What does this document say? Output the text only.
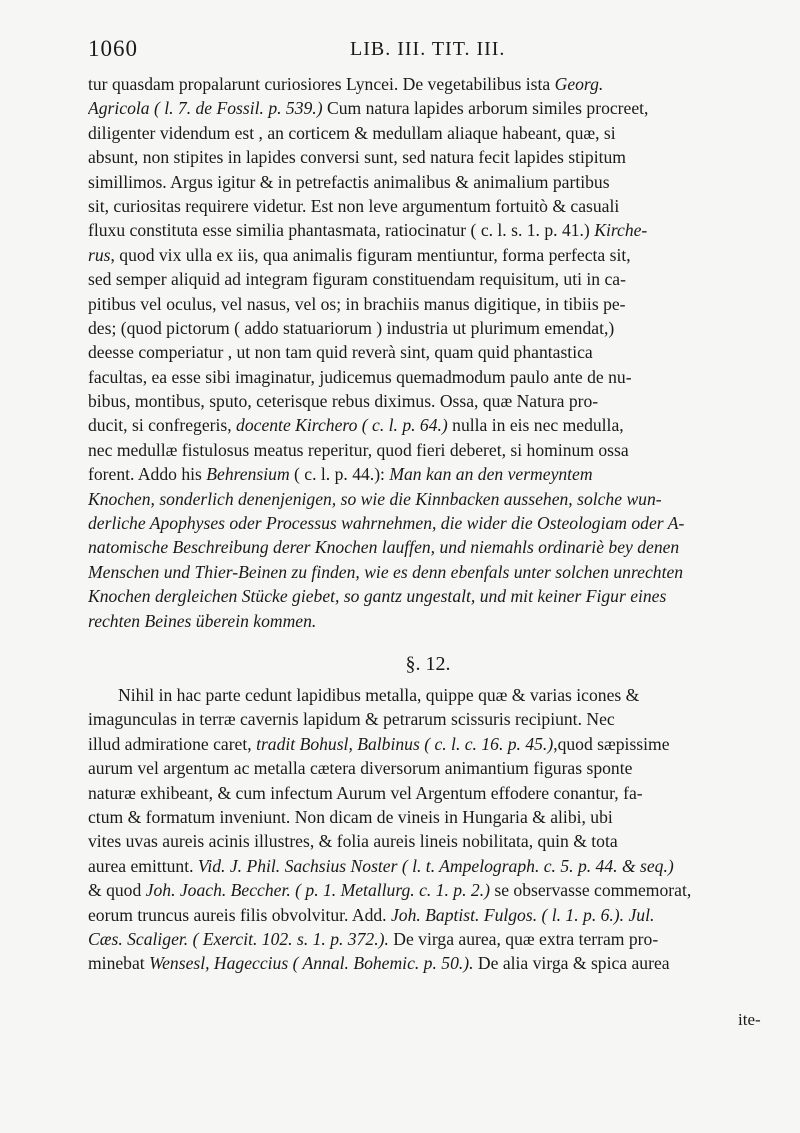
1060	LIB. III. TIT. III.
tur quasdam propalarunt curiosiores Lyncei. De vegetabilibus ista Georg.
Agricola ( l. 7. de Fossil. p. 539.) Cum natura lapides arborum similes procreet,
diligenter videndum est , an corticem & medullam aliaque habeant, quæ, si
absunt, non stipites in lapides conversi sunt, sed natura fecit lapides stipitum
simillimos. Argus igitur & in petrefactis animalibus & animalium partibus
sit, curiositas requirere videtur. Est non leve argumentum fortuitò & casuali
fluxu constituta esse similia phantasmata, ratiocinatur ( c. l. s. 1. p. 41.) Kirche-
rus, quod vix ulla ex iis, qua animalis figuram mentiuntur, forma perfecta sit,
sed semper aliquid ad integram figuram constituendam requisitum, uti in ca-
pitibus vel oculus, vel nasus, vel os; in brachiis manus digitique, in tibiis pe-
des; (quod pictorum ( addo statuariorum ) industria ut plurimum emendat,)
deesse comperiatur , ut non tam quid reverà sint, quam quid phantastica
facultas, ea esse sibi imaginatur, judicemus quemadmodum paulo ante de nu-
bibus, montibus, sputo, ceterisque rebus diximus. Ossa, quæ Natura pro-
ducit, si confregeris, docente Kirchero ( c. l. p. 64.) nulla in eis nec medulla,
nec medullæ fistulosus meatus reperitur, quod fieri deberet, si hominum ossa
forent. Addo his Behrensium ( c. l. p. 44.): Man kan an den vermeyntem
Knochen, sonderlich denenjenigen, so wie die Kinnbacken aussehen, solche wun-
derliche Apophyses oder Processus wahrnehmen, die wider die Osteologiam oder A-
natomische Beschreibung derer Knochen lauffen, und niemahls ordinariè bey denen
Menschen und Thier-Beinen zu finden, wie es denn ebenfals unter solchen unrechten
Knochen dergleichen Stücke giebet, so gantz ungestalt, und mit keiner Figur eines
rechten Beines überein kommen.
§. 12.
Nihil in hac parte cedunt lapidibus metalla, quippe quæ & varias icones &
imagunculas in terræ cavernis lapidum & petrarum scissuris recipiunt. Nec
illud admiratione caret, tradit Bohusl, Balbinus ( c. l. c. 16. p. 45.),quod sæpissime
aurum vel argentum ac metalla cætera diversorum animantium figuras sponte
naturæ exhibeant, & cum infectum Aurum vel Argentum effodere conantur, fa-
ctum & formatum inveniunt. Non dicam de vineis in Hungaria & alibi, ubi
vites uvas aureis acinis illustres, & folia aureis lineis nobilitata, quin & tota
aurea emittunt. Vid. J. Phil. Sachsius Noster ( l. t. Ampelograph. c. 5. p. 44. & seq.)
& quod Joh. Joach. Beccher. ( p. 1. Metallurg. c. 1. p. 2.) se observasse commemorat,
eorum truncus aureis filis obvolvitur. Add. Joh. Baptist. Fulgos. ( l. 1. p. 6.). Jul.
Cæs. Scaliger. ( Exercit. 102. s. 1. p. 372.). De virga aurea, quæ extra terram pro-
minebat Wensesl, Hageccius ( Annal. Bohemic. p. 50.). De alia virga & spica aurea
ite-
